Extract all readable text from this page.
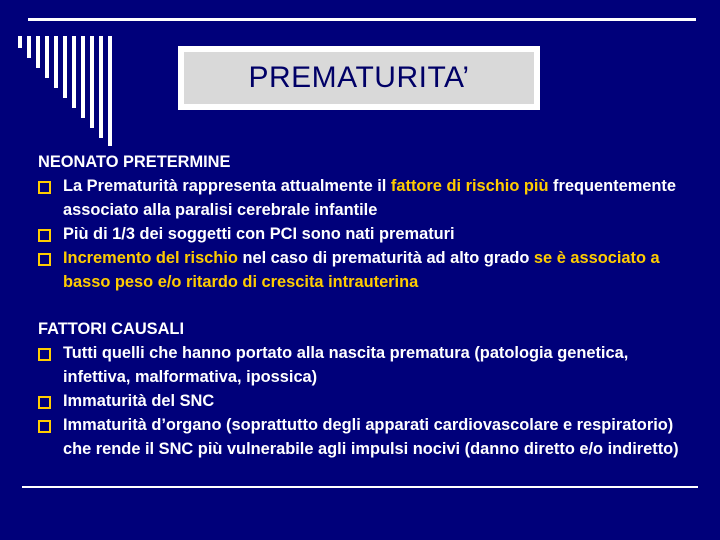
PREMATURITA’
NEONATO PRETERMINE
La Prematurità rappresenta attualmente il fattore di rischio più frequentemente associato alla paralisi cerebrale infantile
Più di 1/3 dei soggetti con PCI sono nati prematuri
Incremento del rischio nel caso di prematurità ad alto grado se è associato a basso peso e/o ritardo di crescita intrauterina
FATTORI CAUSALI
Tutti quelli che hanno portato alla nascita prematura (patologia genetica, infettiva, malformativa, ipossica)
Immaturità del SNC
Immaturità d’organo (soprattutto degli apparati cardiovascolare e respiratorio) che rende il SNC più vulnerabile agli impulsi nocivi (danno diretto e/o indiretto)
